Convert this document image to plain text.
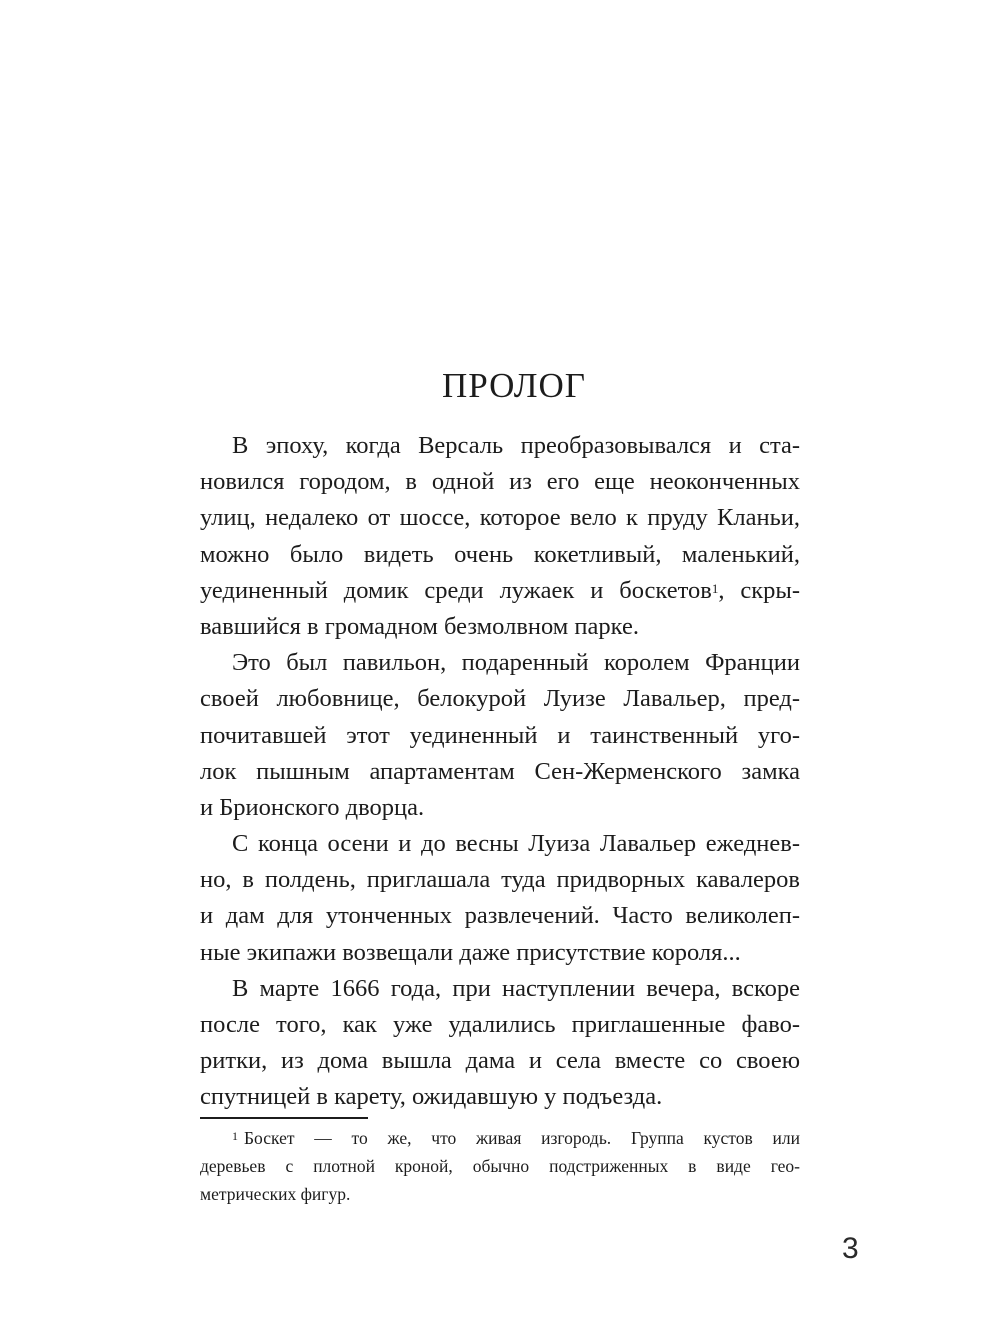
ПРОЛОГ
В эпоху, когда Версаль преобразовывался и ста-
новился городом, в одной из его еще неоконченных
улиц, недалеко от шоссе, которое вело к пруду Кланьи,
можно было видеть очень кокетливый, маленький,
уединенный домик среди лужаек и боскетов$^1$, скры-
вавшийся в громадном безмолвном парке.
Это был павильон, подаренный королем Франции
своей любовнице, белокурой Луизе Лавальер, пред-
почитавшей этот уединенный и таинственный уго-
лок пышным апартаментам Сен-Жерменского замка
и Брионского дворца.
С конца осени и до весны Луиза Лавальер ежеднев-
но, в полдень, приглашала туда придворных кавалеров
и дам для утонченных развлечений. Часто великолеп-
ные экипажи возвещали даже присутствие короля...
В марте 1666 года, при наступлении вечера, вскоре
после того, как уже удалились приглашенные фаво-
ритки, из дома вышла дама и села вместе со своею
спутницей в карету, ожидавшую у подъезда.
$^1$ Боскет — то же, что живая изгородь. Группа кустов или
деревьев с плотной кроной, обычно подстриженных в виде гео-
метрических фигур.
3
